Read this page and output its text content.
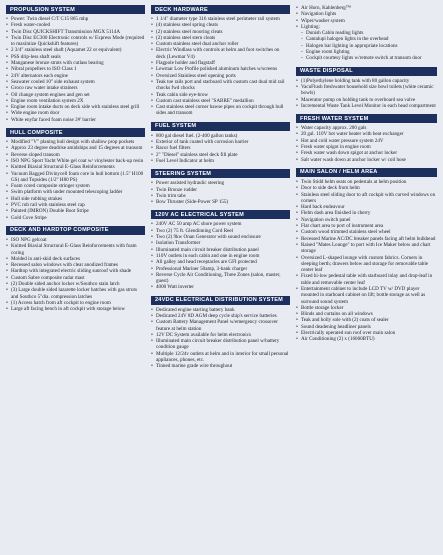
PROPULSION SYSTEM
• Power: Twin diesel C/T C15 865 mhp
• Fresh water-cooled
• Twin Disc QUICKSHIFT Transmission MGX 5114A
• Twin Disc EC300 Electronic controls w/ Express Mode (required to maximize Quickshift features)
• 2 3/4" stainless steel shaft (Aquamet 22 or equivalent)
• PSS drip-less shaft seals
• Manganese bronze struts with cutlass bearing
• Nibral propellers to ISO Class 1
• 24V alternators each engine
• Seawater cooled 10" side exhaust system
• Groco raw water intake strainers
• Oil change system engines and gen set
• Engine room ventilation system 2X
• Engine room intake ducts on deck side with stainless steel grill
• Wide engine room door
• White enyfar faced foam noise 2#' barrier
HULL COMPOSITE
• Modified "V" planing hull design with shallow prop pockets
• Approx 23 degree deadrise amidships and 15 degrees at transom
• Reverse sloped transom
• ISO NPG Sport Yacht White gel coat w/ vinylester back-up resin
• Knitted Biaxial Structural E-Glass Reinforcements
• Vacuum Bagged Divinycell foam core in hull bottom (1.5" H100 GS) and Topsides (1/2" H80 PS)
• Foam cored composite stringer system
• Swim platform with under mounted telescoping ladder
• Hull side rubbing strakes
• PVC rub rail with stainless steel cap
• Painted (IMRON) Double Boot Stripe
• Gold Cove Stripe
DECK AND HARDTOP COMPOSITE
• ISO NPG gelcoat
• Knitted Biaxial Structural E-Glass Reinforcements with foam coring
• Molded in anti-skid deck surfaces
• Recessed salon windows with clear anodized frames
• Hardtop with integrated electric sliding sunroof with shade
• Custom Sabre composite radar mast
• (2) Double sided anchor locker w/Southco stain latch
• (3) Large double sided lazarette locker hatches with gas struts and Southco 5"dia. compression latches
• (1) Access hatch from aft cockpit to engine room
• Large aft facing bench in aft cockpit with storage below
DECK HARDWARE
• 1 1/4" diameter type 316 stainless steel perimeter rail system
• (4) stainless steel spring cleats
• (2) stainless steel mooring cleats
• (2) stainless steel stern cleats
• Custom stainless steel dual anchor roller
• Electric Windlass with controls at helm and foot switches on deck (Lewmar V4)
• Flagpole holder and flagstaff
• Lewmar Low Profile polished aluminum hatches w/screens
• Oversized Stainless steel opening ports
• Teak toe rails port and starboard with custom cast dual mid rail chocks fwd chocks
• Teak cabin side eye-brow
• Custom cast stainless steel "SABRE" medallion
• Cast stainless steel corner hawse pipes on cockpit through hull sides and transom
FUEL SYSTEM
• 800 gal diesel fuel. (2-400 gallon tanks)
• Exterior of tank coated with corrosion barrier
• Racor fuel filters
• 2" "Diesel" stainless steel deck fill plate
• Fuel Level Indicator at helm
STEERING SYSTEM
• Power assisted hydraulic steering
• Twin Bronze rudder
• Twin trim tabs
• Bow Thruster (Side-Power SP 155)
120V AC ELECTRICAL SYSTEM
• 240V AC 50 amp AC shore power system
• Two (2) 75 ft. Glendinning Cord Reel
• Two (2) 9kw Onan Generator with sound enclosure
• Isolation Transformer
• Illuminated main circuit breaker distribution panel
• 110V outlets in each cabin and one in engine room
• All galley and head receptacles are GFI protected
• Professional Mariner 50amp, 3-bank charger
• Reverse Cycle Air Conditioning, Three Zones (salon, master, guest)
• 4000 Watt inverter
24VDC ELECTRICAL DISTRIBUTION SYSTEM
• Dedicated engine starting battery bank
• Dedicated 24V 8D AGM deep cycle ship's service batteries
• Custom Battery Management Panel w/emergency crossover feature at helm station
• 12V DC System available for helm electronics
• Illuminated main circuit breaker distribution panel w/battery condition gauge
• Multiple 12/24v outlets at helm and in interior for small personal appliances, phones, etc.
• Tinned marine grade wire throughout
• Air Horn, Kahlenberg™
• Navigation lights
• Wiper/washer system
• Lighting:
- Dunish Cabin reading lights
- Cantalupi halogen lights in the overhead
- Halogen bar lighting in appropriate locations
- Engine room lighting
- Cockpit courtesy lights w/remote switch at transom door
WASTE DISPOSAL
• (1)Polyethylene holding tank with 80 gallon capacity
• VacuFlush freshwater household size bowl toilets (white ceramic bowls)
• Macerator pump on holding tank to overboard sea valve
• Incremental Waste Tank Level Monitor in each head compartment
FRESH WATER SYSTEM
• Water capacity approx. 200 gals
• 20 gal. 110V hot water heater with heat exchanger
• Hot and cold water pressure system 24V
• Fresh water spigot in engine room
• Fresh water wash down spigot at anchor locker
• Salt water wash down at anchor locker w/ coil hose
MAIN SALON / HELM AREA
• Twin Stidd helm seats on pedestals at helm position
• Door to side deck from helm
• Stainless steel sliding door to aft cockpit with curved windows on corners
• Hard back endeavour
• Flelm dash area finished in cherry
• Navigation switch panel
• Flat chart area to port of instrument area
• Custom wood trimmed stainless steel wheel
• Recessed Marine AC/DC breaker panels facing aft helm bulkhead
• Raised "Mates Lounge" to port with Ice Maker below and chart storage
• Oversized L-shaped lounge with custom fabrics. Corners in sleeping berth; drawers below and storage for removable table center leaf
• Fixed hi-low pedestal table with starboard inlay and drop-leaf in table and removable center leaf
• Entertainment cabinet to include LCD TV w/ DVD player mounted in starboard cabinet on lift; bottle storage as well as surround sound system
• Bottle storage locker
• Blinds and curtains on all windows
• Teak and holly sole with (2) coats of sealer
• Sound deadening headliner panels
• Electrically operated sun roof over main salon
• Air Conditioning (2) x (16000BTU)
